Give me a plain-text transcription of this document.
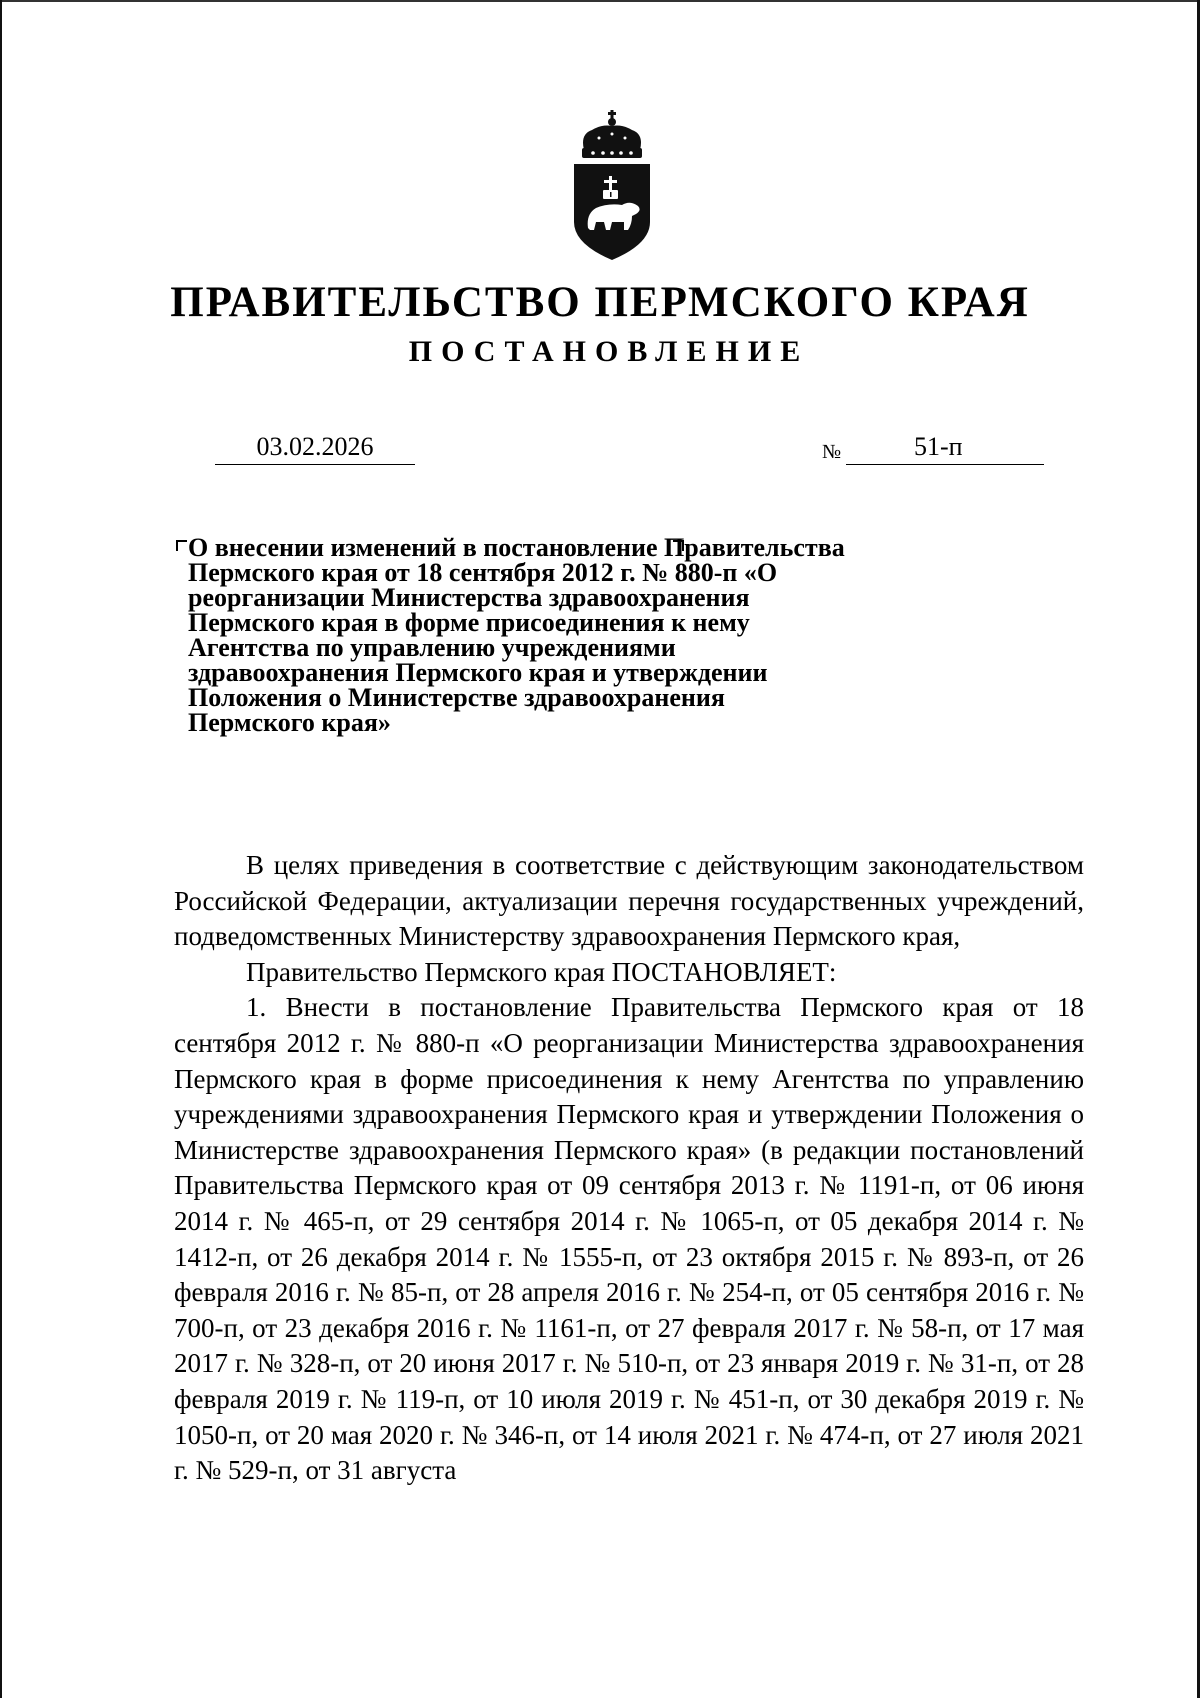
ПРАВИТЕЛЬСТВО ПЕРМСКОГО КРАЯ
ПОСТАНОВЛЕНИЕ
03.02.2026	№	51-п

О внесении изменений в постановление Правительства Пермского края от 18 сентября 2012 г. № 880-п «О реорганизации Министерства здравоохранения Пермского края в форме присоединения к нему Агентства по управлению учреждениями здравоохранения Пермского края и утверждении Положения о Министерстве здравоохранения Пермского края»

В целях приведения в соответствие с действующим законодательством Российской Федерации, актуализации перечня государственных учреждений, подведомственных Министерству здравоохранения Пермского края,

Правительство Пермского края ПОСТАНОВЛЯЕТ:

1. Внести в постановление Правительства Пермского края от 18 сентября 2012 г. № 880-п «О реорганизации Министерства здравоохранения Пермского края в форме присоединения к нему Агентства по управлению учреждениями здравоохранения Пермского края и утверждении Положения о Министерстве здравоохранения Пермского края» (в редакции постановлений Правительства Пермского края от 09 сентября 2013 г. № 1191-п, от 06 июня 2014 г. № 465-п, от 29 сентября 2014 г. № 1065-п, от 05 декабря 2014 г. № 1412-п, от 26 декабря 2014 г. № 1555-п, от 23 октября 2015 г. № 893-п, от 26 февраля 2016 г. № 85-п, от 28 апреля 2016 г. № 254-п, от 05 сентября 2016 г. № 700-п, от 23 декабря 2016 г. № 1161-п, от 27 февраля 2017 г. № 58-п, от 17 мая 2017 г. № 328-п, от 20 июня 2017 г. № 510-п, от 23 января 2019 г. № 31-п, от 28 февраля 2019 г. № 119-п, от 10 июля 2019 г. № 451-п, от 30 декабря 2019 г. № 1050-п, от 20 мая 2020 г. № 346-п, от 14 июля 2021 г. № 474-п, от 27 июля 2021 г. № 529-п, от 31 августа
